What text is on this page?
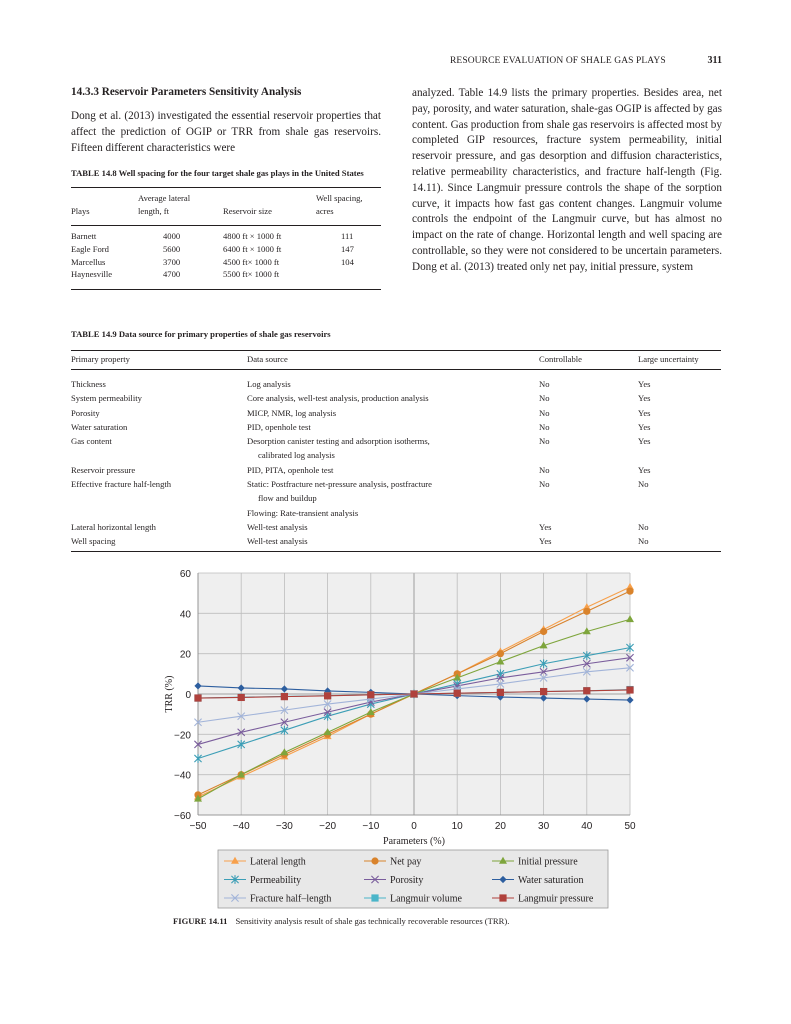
RESOURCE EVALUATION OF SHALE GAS PLAYS	311
14.3.3 Reservoir Parameters Sensitivity Analysis

Dong et al. (2013) investigated the essential reservoir properties that affect the prediction of OGIP or TRR from shale gas reservoirs. Fifteen different characteristics were

analyzed. Table 14.9 lists the primary properties. Besides area, net pay, porosity, and water saturation, shale-gas OGIP is affected by gas content. Gas production from shale gas reservoirs is affected most by completed GIP resources, fracture system permeability, initial reservoir pressure, and gas desorption and diffusion characteristics, relative permeability characteristics, and fracture half-length (Fig. 14.11). Since Langmuir pressure controls the shape of the sorption curve, it impacts how fast gas content changes. Langmuir volume controls the endpoint of the Langmuir curve, but has almost no impact on the rate of change. Horizontal length and well spacing are controllable, so they were not considered to be uncertain parameters. Dong et al. (2013) treated only net pay, initial pressure, system

TABLE 14.8 Well spacing for the four target shale gas plays in the United States
	Average lateral		Well spacing,
Plays	length, ft	Reservoir size	acres
Barnett	4000	4800 ft × 1000 ft	111
Eagle Ford	5600	6400 ft × 1000 ft	147
Marcellus	3700	4500 ft× 1000 ft	104
Haynesville	4700	5500 ft× 1000 ft	
TABLE 14.9 Data source for primary properties of shale gas reservoirs
Primary property	Data source	Controllable	Large uncertainty
Thickness	Log analysis	No	Yes
System permeability	Core analysis, well-test analysis, production analysis	No	Yes
Porosity	MICP, NMR, log analysis	No	Yes
Water saturation	PID, openhole test	No	Yes
Gas content	Desorption canister testing and adsorption isotherms,
calibrated log analysis	No	Yes
Reservoir pressure	PID, PITA, openhole test	No	Yes
Effective fracture half-length	Static: Postfracture net-pressure analysis, postfracture
flow and buildup
Flowing: Rate-transient analysis	No	No
Lateral horizontal length	Well-test analysis	Yes	No
Well spacing	Well-test analysis	Yes	No
−50	−40	−30	−20	−10	0	10	20	30	40	50
60
40
20
0
−20
−40
−60
Parameters (%)
TRR (%)
Lateral length	Net pay	Initial pressure
Permeability	Porosity	Water saturation
Fracture half–length	Langmuir volume	Langmuir pressure
FIGURE 14.11 Sensitivity analysis result of shale gas technically recoverable resources (TRR).
